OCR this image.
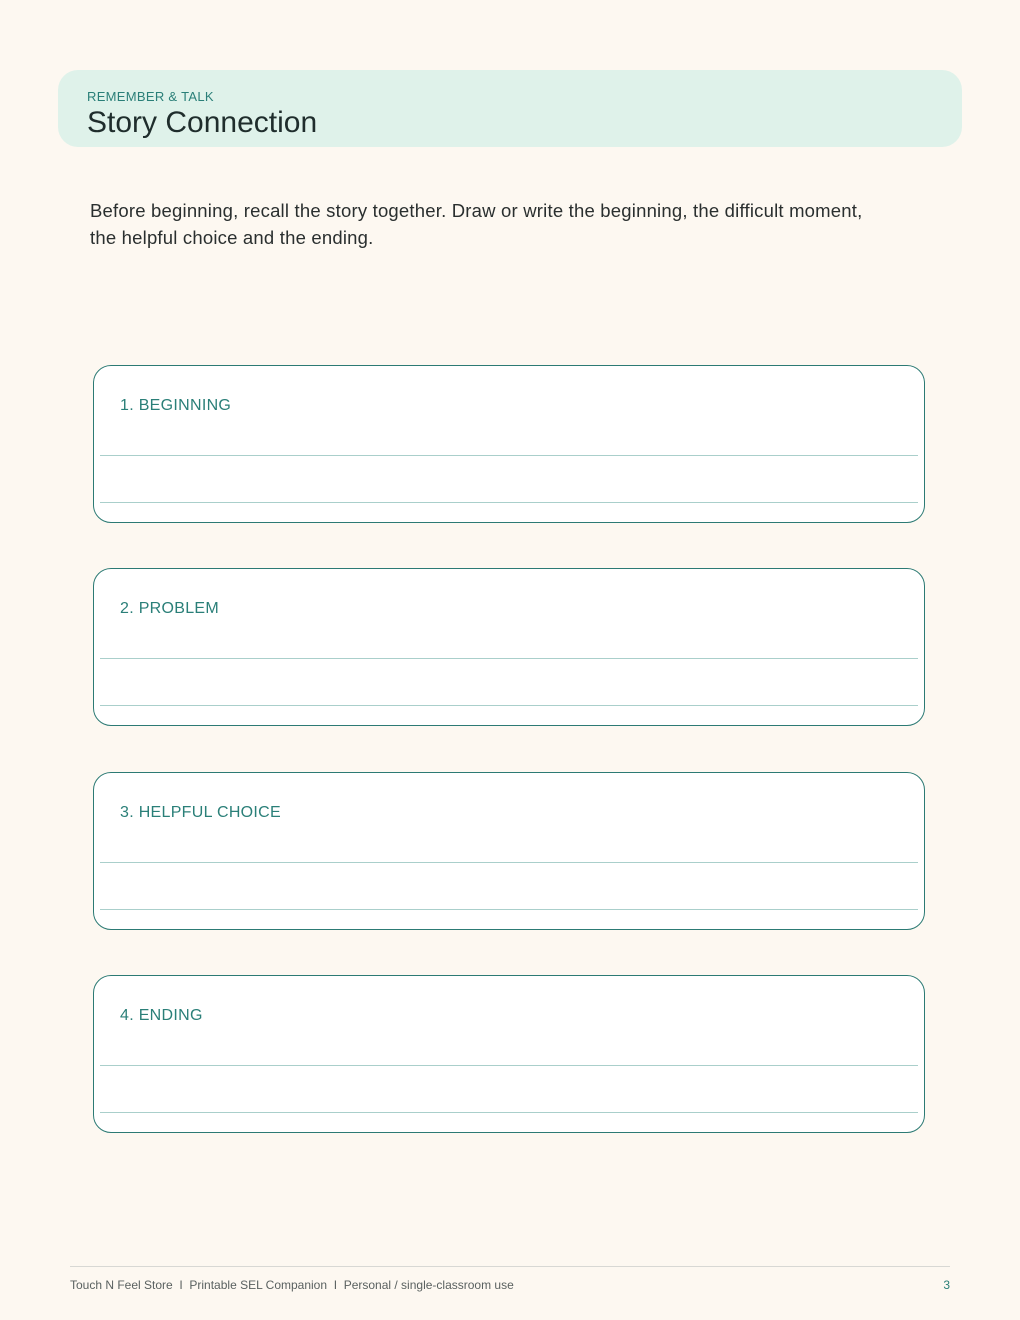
REMEMBER & TALK
Story Connection
Before beginning, recall the story together. Draw or write the beginning, the difficult moment, the helpful choice and the ending.
1. BEGINNING
2. PROBLEM
3. HELPFUL CHOICE
4. ENDING
Touch N Feel Store  I  Printable SEL Companion  I  Personal / single-classroom use	3
